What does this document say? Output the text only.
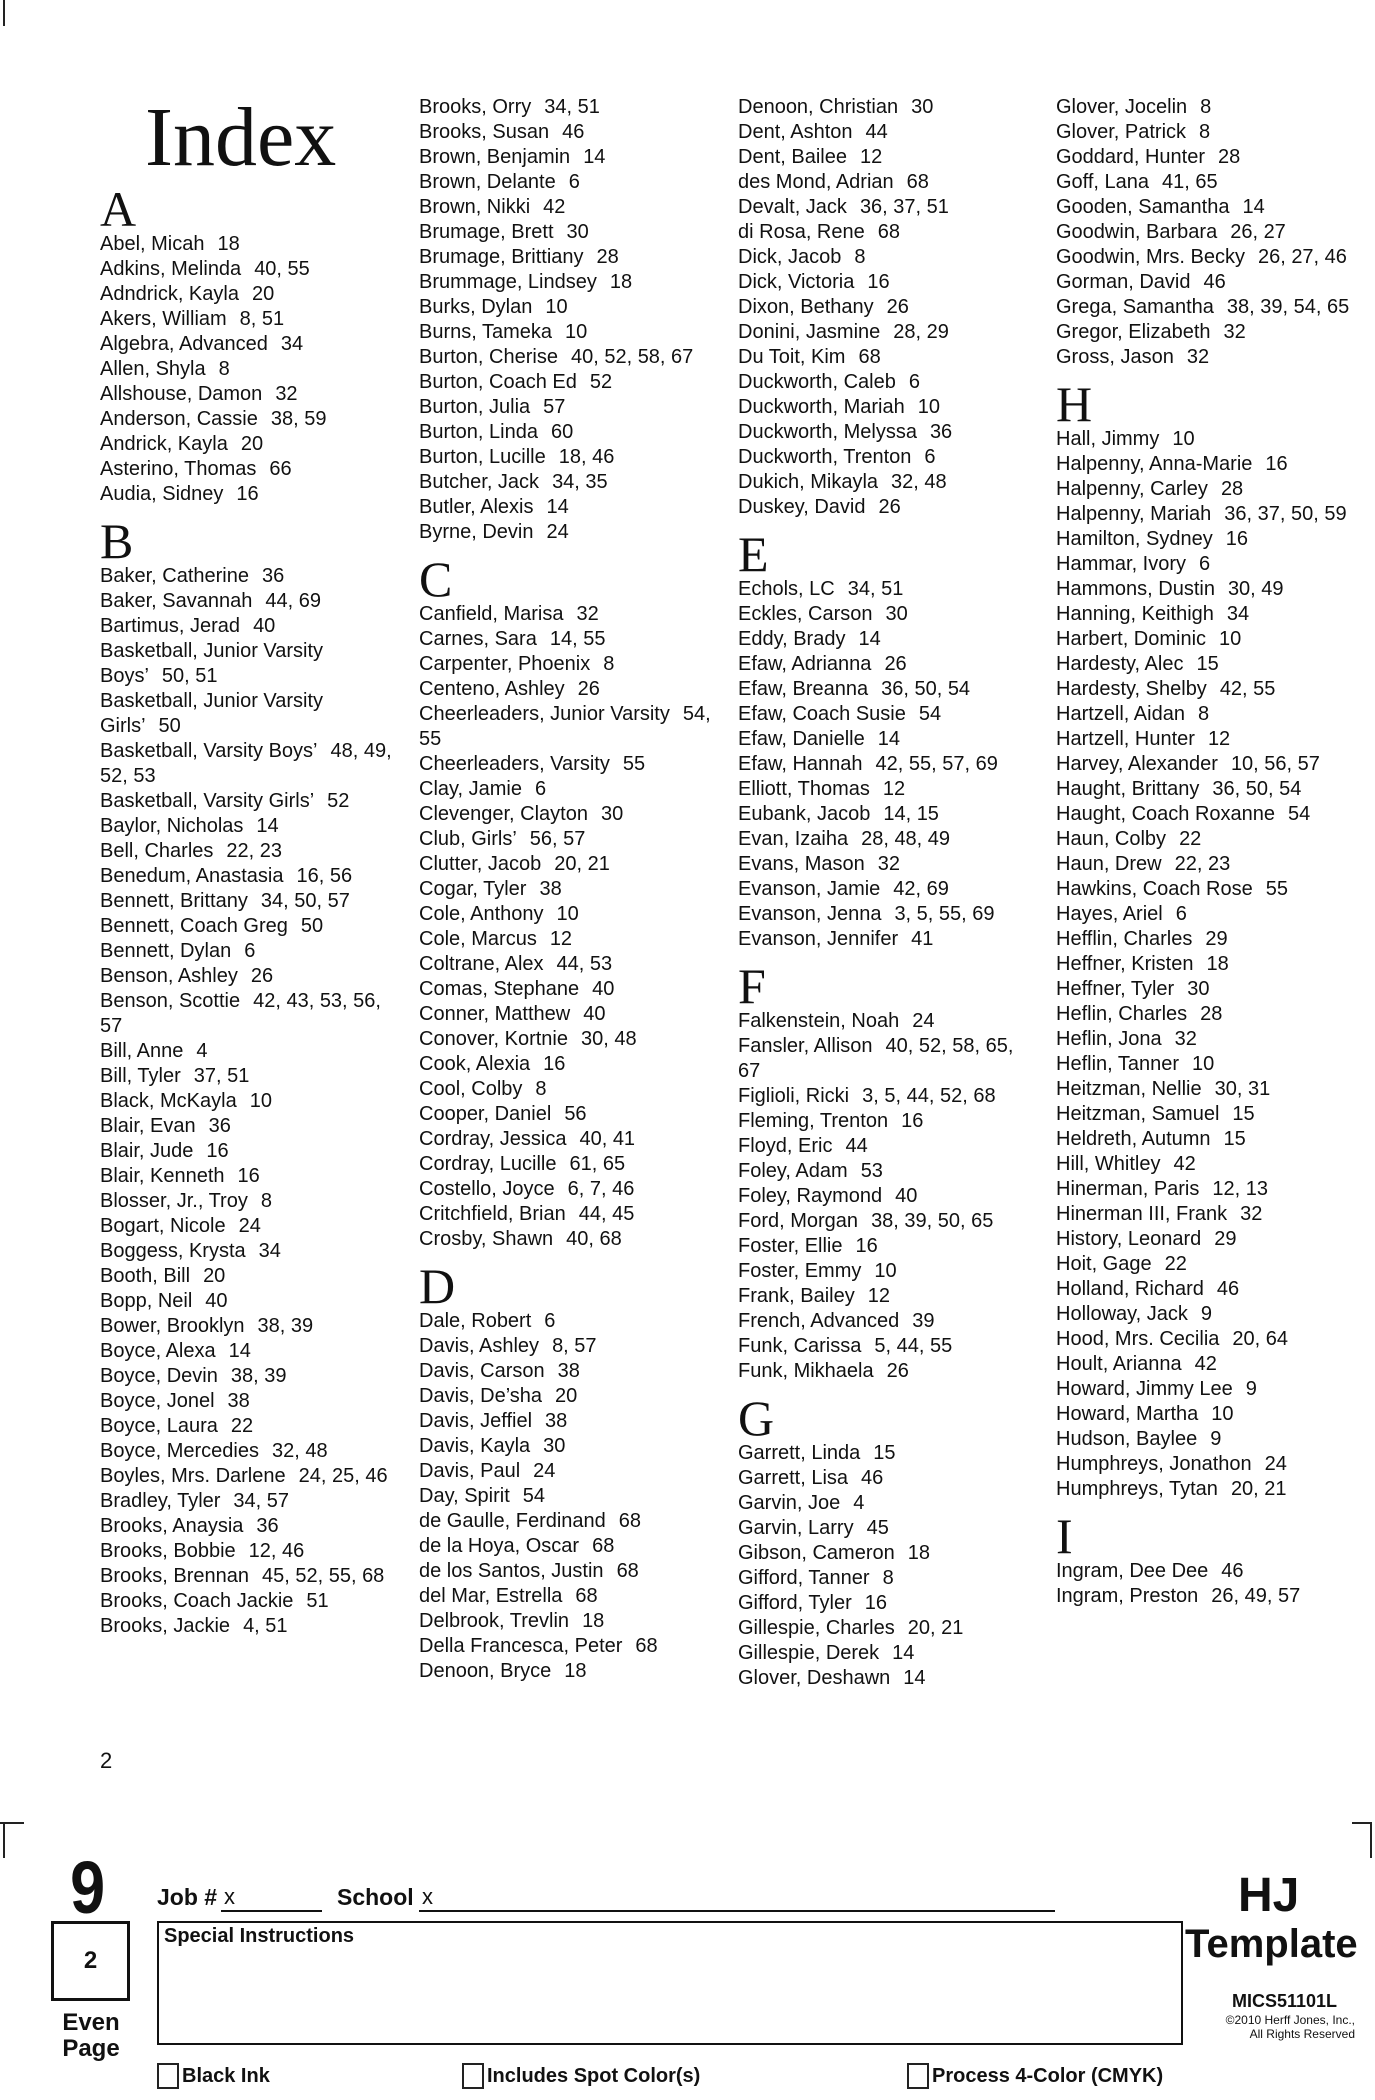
Index
A
Abel, Micah 18
Adkins, Melinda 40, 55
Adndrick, Kayla 20
Akers, William 8, 51
Algebra, Advanced 34
Allen, Shyla 8
Allshouse, Damon 32
Anderson, Cassie 38, 59
Andrick, Kayla 20
Asterino, Thomas 66
Audia, Sidney 16
B
Baker, Catherine 36
Baker, Savannah 44, 69
Bartimus, Jerad 40
Basketball, Junior Varsity Boys’ 50, 51
Basketball, Junior Varsity Girls’ 50
Basketball, Varsity Boys’ 48, 49, 52, 53
Basketball, Varsity Girls’ 52
Baylor, Nicholas 14
Bell, Charles 22, 23
Benedum, Anastasia 16, 56
Bennett, Brittany 34, 50, 57
Bennett, Coach Greg 50
Bennett, Dylan 6
Benson, Ashley 26
Benson, Scottie 42, 43, 53, 56, 57
Bill, Anne 4
Bill, Tyler 37, 51
Black, McKayla 10
Blair, Evan 36
Blair, Jude 16
Blair, Kenneth 16
Blosser, Jr., Troy 8
Bogart, Nicole 24
Boggess, Krysta 34
Booth, Bill 20
Bopp, Neil 40
Bower, Brooklyn 38, 39
Boyce, Alexa 14
Boyce, Devin 38, 39
Boyce, Jonel 38
Boyce, Laura 22
Boyce, Mercedies 32, 48
Boyles, Mrs. Darlene 24, 25, 46
Bradley, Tyler 34, 57
Brooks, Anaysia 36
Brooks, Bobbie 12, 46
Brooks, Brennan 45, 52, 55, 68
Brooks, Coach Jackie 51
Brooks, Jackie 4, 51
Brooks, Orry 34, 51
Brooks, Susan 46
Brown, Benjamin 14
Brown, Delante 6
Brown, Nikki 42
Brumage, Brett 30
Brumage, Brittiany 28
Brummage, Lindsey 18
Burks, Dylan 10
Burns, Tameka 10
Burton, Cherise 40, 52, 58, 67
Burton, Coach Ed 52
Burton, Julia 57
Burton, Linda 60
Burton, Lucille 18, 46
Butcher, Jack 34, 35
Butler, Alexis 14
Byrne, Devin 24
C
Canfield, Marisa 32
Carnes, Sara 14, 55
Carpenter, Phoenix 8
Centeno, Ashley 26
Cheerleaders, Junior Varsity 54, 55
Cheerleaders, Varsity 55
Clay, Jamie 6
Clevenger, Clayton 30
Club, Girls’ 56, 57
Clutter, Jacob 20, 21
Cogar, Tyler 38
Cole, Anthony 10
Cole, Marcus 12
Coltrane, Alex 44, 53
Comas, Stephane 40
Conner, Matthew 40
Conover, Kortnie 30, 48
Cook, Alexia 16
Cool, Colby 8
Cooper, Daniel 56
Cordray, Jessica 40, 41
Cordray, Lucille 61, 65
Costello, Joyce 6, 7, 46
Critchfield, Brian 44, 45
Crosby, Shawn 40, 68
D
Dale, Robert 6
Davis, Ashley 8, 57
Davis, Carson 38
Davis, De’sha 20
Davis, Jeffiel 38
Davis, Kayla 30
Davis, Paul 24
Day, Spirit 54
de Gaulle, Ferdinand 68
de la Hoya, Oscar 68
de los Santos, Justin 68
del Mar, Estrella 68
Delbrook, Trevlin 18
Della Francesca, Peter 68
Denoon, Bryce 18
Denoon, Christian 30
Dent, Ashton 44
Dent, Bailee 12
des Mond, Adrian 68
Devalt, Jack 36, 37, 51
di Rosa, Rene 68
Dick, Jacob 8
Dick, Victoria 16
Dixon, Bethany 26
Donini, Jasmine 28, 29
Du Toit, Kim 68
Duckworth, Caleb 6
Duckworth, Mariah 10
Duckworth, Melyssa 36
Duckworth, Trenton 6
Dukich, Mikayla 32, 48
Duskey, David 26
E
Echols, LC 34, 51
Eckles, Carson 30
Eddy, Brady 14
Efaw, Adrianna 26
Efaw, Breanna 36, 50, 54
Efaw, Coach Susie 54
Efaw, Danielle 14
Efaw, Hannah 42, 55, 57, 69
Elliott, Thomas 12
Eubank, Jacob 14, 15
Evan, Izaiha 28, 48, 49
Evans, Mason 32
Evanson, Jamie 42, 69
Evanson, Jenna 3, 5, 55, 69
Evanson, Jennifer 41
F
Falkenstein, Noah 24
Fansler, Allison 40, 52, 58, 65, 67
Figlioli, Ricki 3, 5, 44, 52, 68
Fleming, Trenton 16
Floyd, Eric 44
Foley, Adam 53
Foley, Raymond 40
Ford, Morgan 38, 39, 50, 65
Foster, Ellie 16
Foster, Emmy 10
Frank, Bailey 12
French, Advanced 39
Funk, Carissa 5, 44, 55
Funk, Mikhaela 26
G
Garrett, Linda 15
Garrett, Lisa 46
Garvin, Joe 4
Garvin, Larry 45
Gibson, Cameron 18
Gifford, Tanner 8
Gifford, Tyler 16
Gillespie, Charles 20, 21
Gillespie, Derek 14
Glover, Deshawn 14
Glover, Jocelin 8
Glover, Patrick 8
Goddard, Hunter 28
Goff, Lana 41, 65
Gooden, Samantha 14
Goodwin, Barbara 26, 27
Goodwin, Mrs. Becky 26, 27, 46
Gorman, David 46
Grega, Samantha 38, 39, 54, 65
Gregor, Elizabeth 32
Gross, Jason 32
H
Hall, Jimmy 10
Halpenny, Anna-Marie 16
Halpenny, Carley 28
Halpenny, Mariah 36, 37, 50, 59
Hamilton, Sydney 16
Hammar, Ivory 6
Hammons, Dustin 30, 49
Hanning, Keithigh 34
Harbert, Dominic 10
Hardesty, Alec 15
Hardesty, Shelby 42, 55
Hartzell, Aidan 8
Hartzell, Hunter 12
Harvey, Alexander 10, 56, 57
Haught, Brittany 36, 50, 54
Haught, Coach Roxanne 54
Haun, Colby 22
Haun, Drew 22, 23
Hawkins, Coach Rose 55
Hayes, Ariel 6
Hefflin, Charles 29
Heffner, Kristen 18
Heffner, Tyler 30
Heflin, Charles 28
Heflin, Jona 32
Heflin, Tanner 10
Heitzman, Nellie 30, 31
Heitzman, Samuel 15
Heldreth, Autumn 15
Hill, Whitley 42
Hinerman, Paris 12, 13
Hinerman III, Frank 32
History, Leonard 29
Hoit, Gage 22
Holland, Richard 46
Holloway, Jack 9
Hood, Mrs. Cecilia 20, 64
Hoult, Arianna 42
Howard, Jimmy Lee 9
Howard, Martha 10
Hudson, Baylee 9
Humphreys, Jonathon 24
Humphreys, Tytan 20, 21
I
Ingram, Dee Dee 46
Ingram, Preston 26, 49, 57
2
9
2
Even Page
Job # x	School x
Special Instructions
Black Ink	Includes Spot Color(s)	Process 4-Color (CMYK)
HJ
Template
MICS51101L
©2010 Herff Jones, Inc.,
All Rights Reserved
